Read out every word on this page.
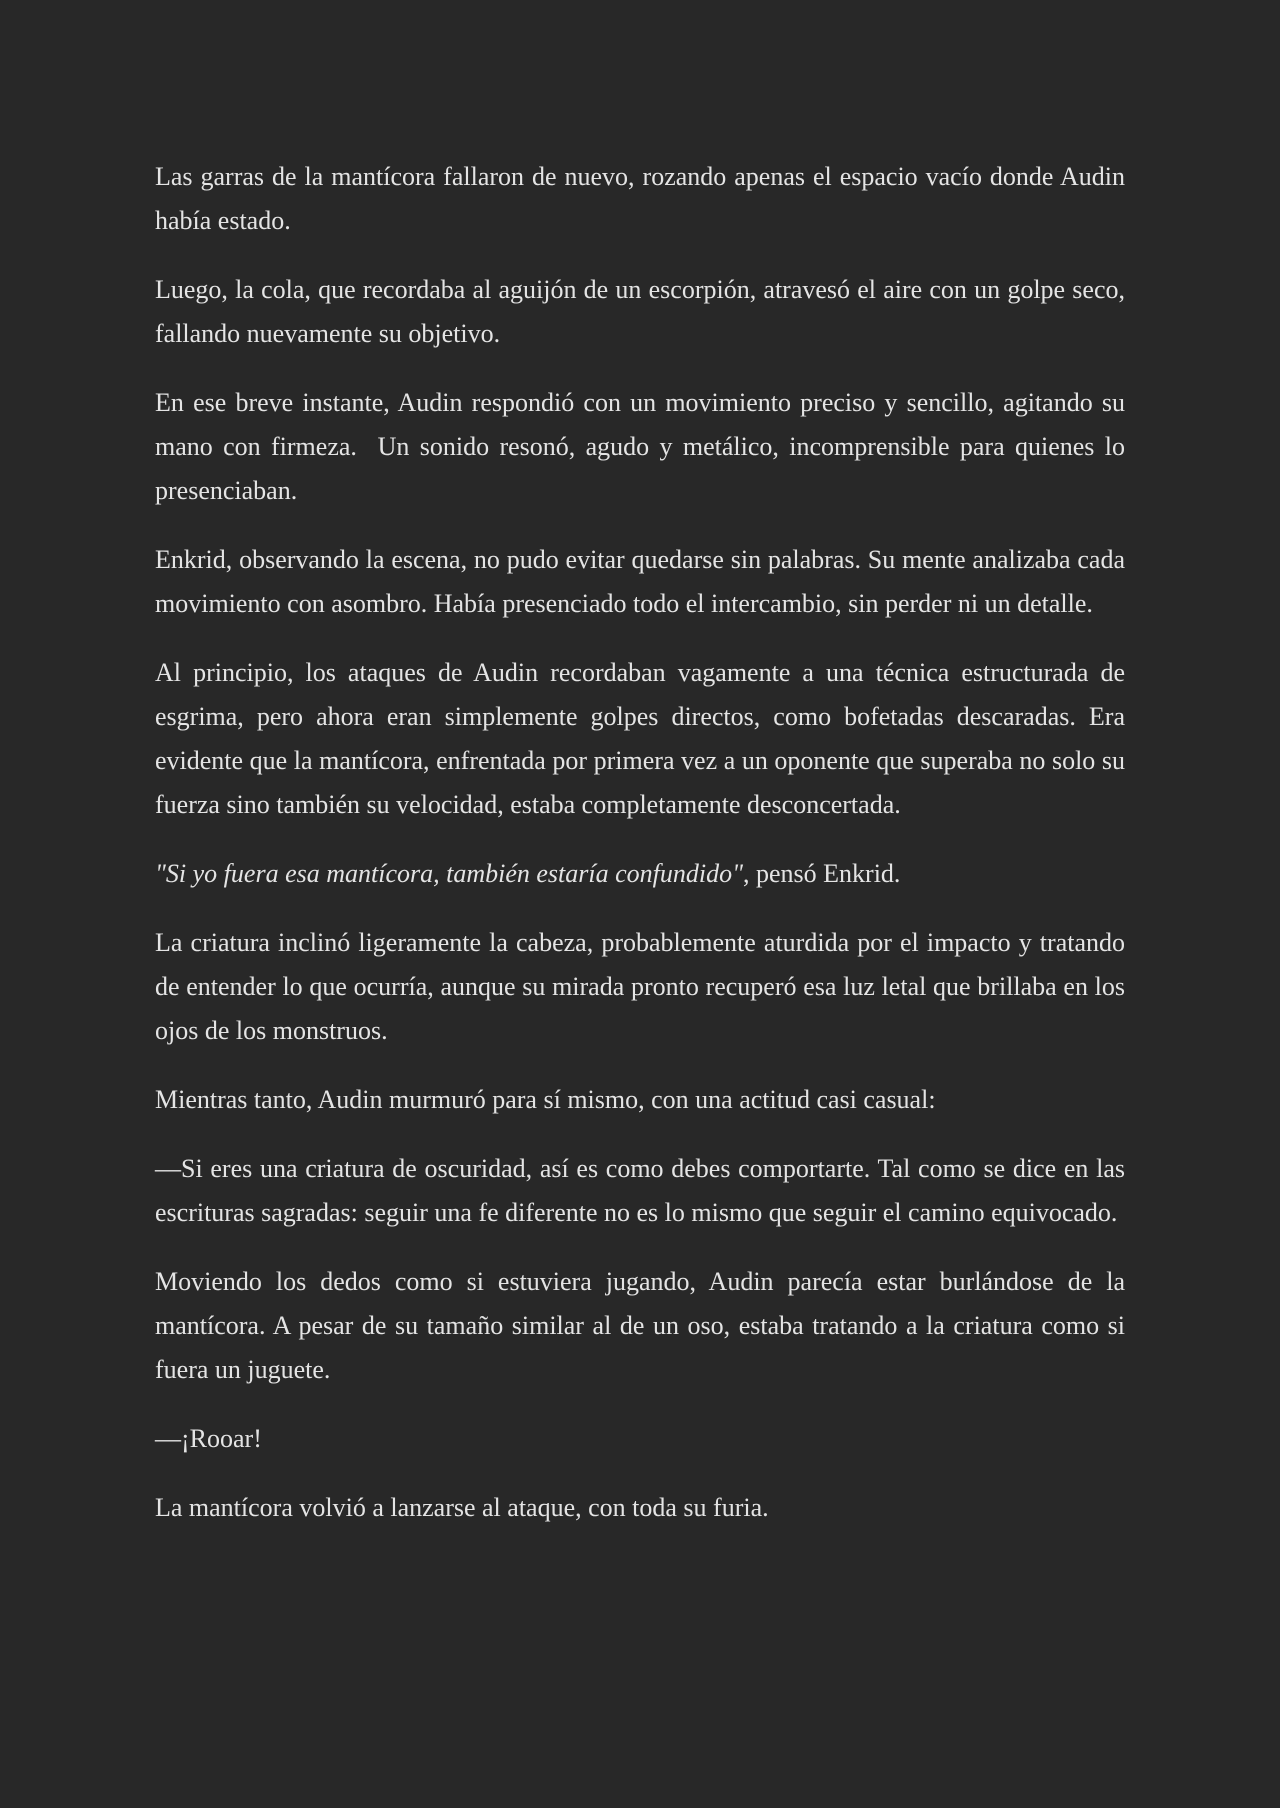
Las garras de la mantícora fallaron de nuevo, rozando apenas el espacio vacío donde Audin había estado.

Luego, la cola, que recordaba al aguijón de un escorpión, atravesó el aire con un golpe seco, fallando nuevamente su objetivo.

En ese breve instante, Audin respondió con un movimiento preciso y sencillo, agitando su mano con firmeza.  Un sonido resonó, agudo y metálico, incomprensible para quienes lo presenciaban.

Enkrid, observando la escena, no pudo evitar quedarse sin palabras. Su mente analizaba cada movimiento con asombro. Había presenciado todo el intercambio, sin perder ni un detalle.

Al principio, los ataques de Audin recordaban vagamente a una técnica estructurada de esgrima, pero ahora eran simplemente golpes directos, como bofetadas descaradas. Era evidente que la mantícora, enfrentada por primera vez a un oponente que superaba no solo su fuerza sino también su velocidad, estaba completamente desconcertada.

"Si yo fuera esa mantícora, también estaría confundido", pensó Enkrid.

La criatura inclinó ligeramente la cabeza, probablemente aturdida por el impacto y tratando de entender lo que ocurría, aunque su mirada pronto recuperó esa luz letal que brillaba en los ojos de los monstruos.

Mientras tanto, Audin murmuró para sí mismo, con una actitud casi casual:

—Si eres una criatura de oscuridad, así es como debes comportarte. Tal como se dice en las escrituras sagradas: seguir una fe diferente no es lo mismo que seguir el camino equivocado.

Moviendo los dedos como si estuviera jugando, Audin parecía estar burlándose de la mantícora. A pesar de su tamaño similar al de un oso, estaba tratando a la criatura como si fuera un juguete.

—¡Rooar!

La mantícora volvió a lanzarse al ataque, con toda su furia.
